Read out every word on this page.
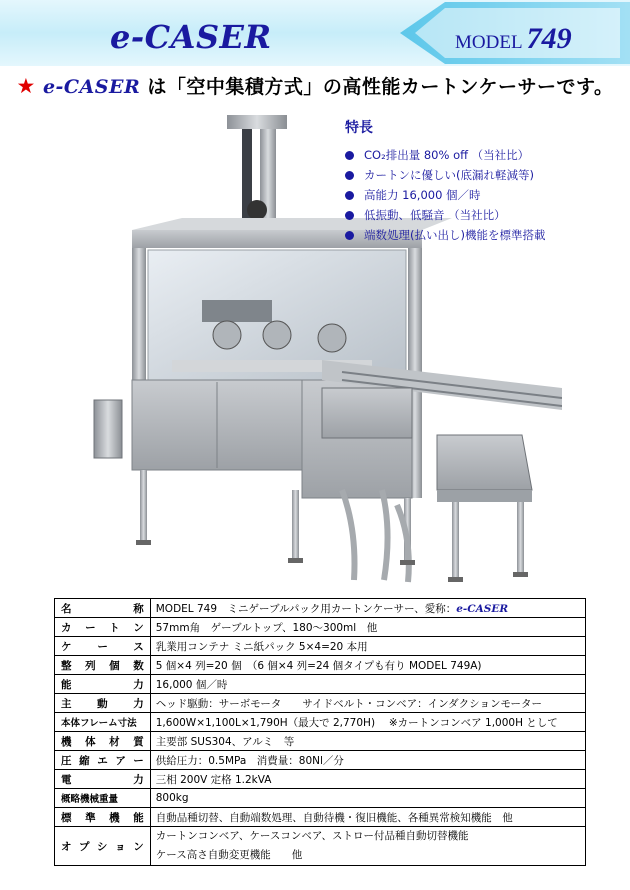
e-CASER	MODEL 749
★ e-CASER は「空中集積方式」の高性能カートンケーサーです。
特長
CO₂排出量 80% off （当社比）
カートンに優しい(底漏れ軽減等)
高能力 16,000 個／時
低振動、低騒音 （当社比）
端数処理(払い出し)機能を標準搭載
名　称	MODEL 749　ミニゲーブルパック用カートンケーサー、愛称：e-CASER
カートン	57mm角　ゲーブルトップ、180～300ml　他
ケース	乳業用コンテナ ミニ紙パック 5×4=20 本用
整列個数	5 個×4 列=20 個　（6 個×4 列=24 個タイプも有り MODEL 749A)
能力	16,000 個／時
主動力	ヘッド駆動：サーボモータ　　サイドベルト・コンベア：インダクションモーター
本体フレーム寸法	1,600W×1,100L×1,790H（最大で 2,770H)　 ※カートンコンベア 1,000H として
機体材質	主要部 SUS304、アルミ　等
圧縮エアー	供給圧力：0.5MPa　消費量：80Nl／分
電力	三相 200V 定格 1.2kVA
概略機械重量	800kg
標準機能	自動品種切替、自動端数処理、自動待機・復旧機能、各種異常検知機能　他
オプション	カートンコンベア、ケースコンベア、ストロー付品種自動切替機能
ケース高さ自動変更機能　　他
